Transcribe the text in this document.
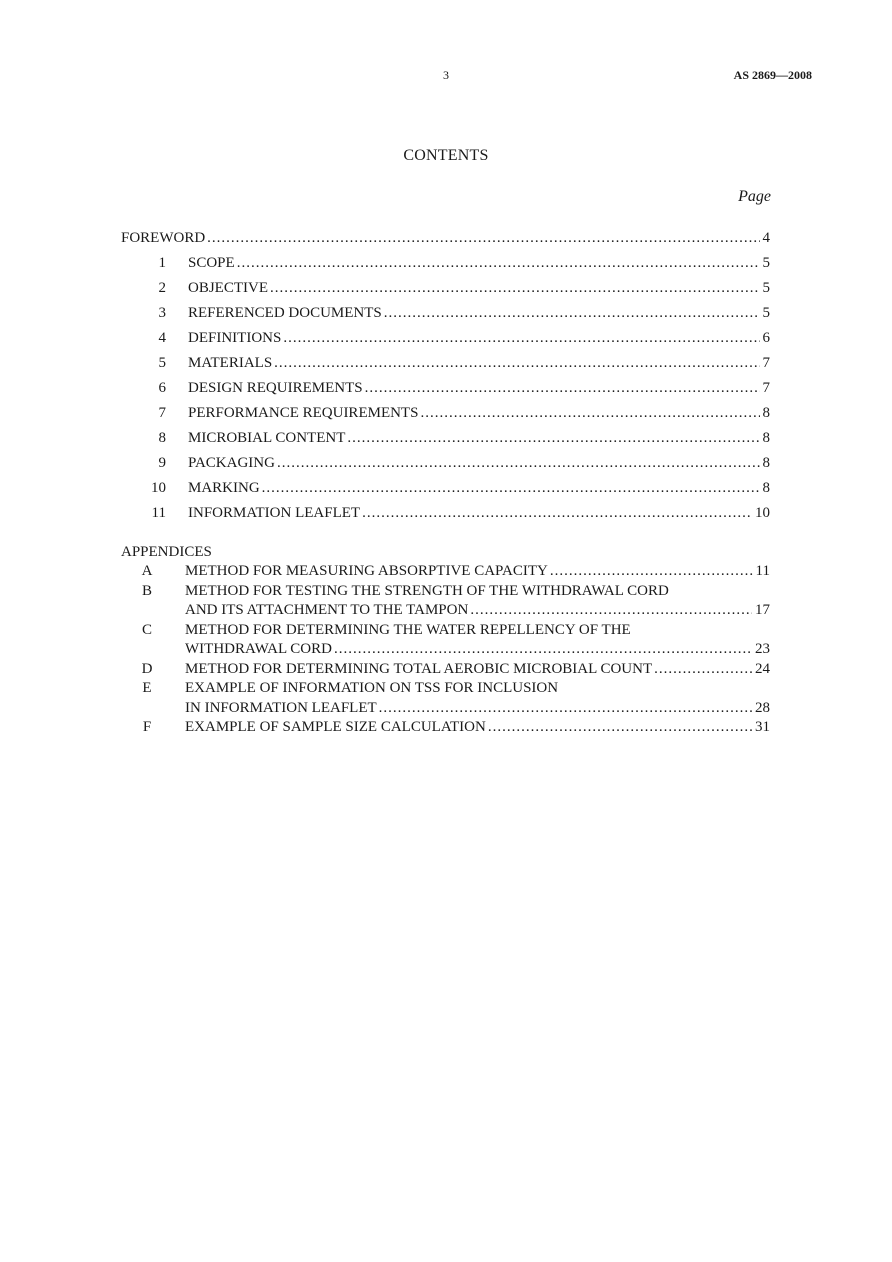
3	AS 2869—2008
CONTENTS
Page
FOREWORD .....	4
1 SCOPE .....	5
2 OBJECTIVE .....	5
3 REFERENCED DOCUMENTS .....	5
4 DEFINITIONS .....	6
5 MATERIALS .....	7
6 DESIGN REQUIREMENTS .....	7
7 PERFORMANCE REQUIREMENTS .....	8
8 MICROBIAL CONTENT .....	8
9 PACKAGING .....	8
10 MARKING .....	8
11 INFORMATION LEAFLET .....	10
APPENDICES
A	METHOD FOR MEASURING ABSORPTIVE CAPACITY .....	11
B	METHOD FOR TESTING THE STRENGTH OF THE WITHDRAWAL CORD
AND ITS ATTACHMENT TO THE TAMPON .....	17
C	METHOD FOR DETERMINING THE WATER REPELLENCY OF THE
WITHDRAWAL CORD .....	23
D	METHOD FOR DETERMINING TOTAL AEROBIC MICROBIAL COUNT .....	24
E	EXAMPLE OF INFORMATION ON TSS FOR INCLUSION
IN INFORMATION LEAFLET .....	28
F	EXAMPLE OF SAMPLE SIZE CALCULATION .....	31
